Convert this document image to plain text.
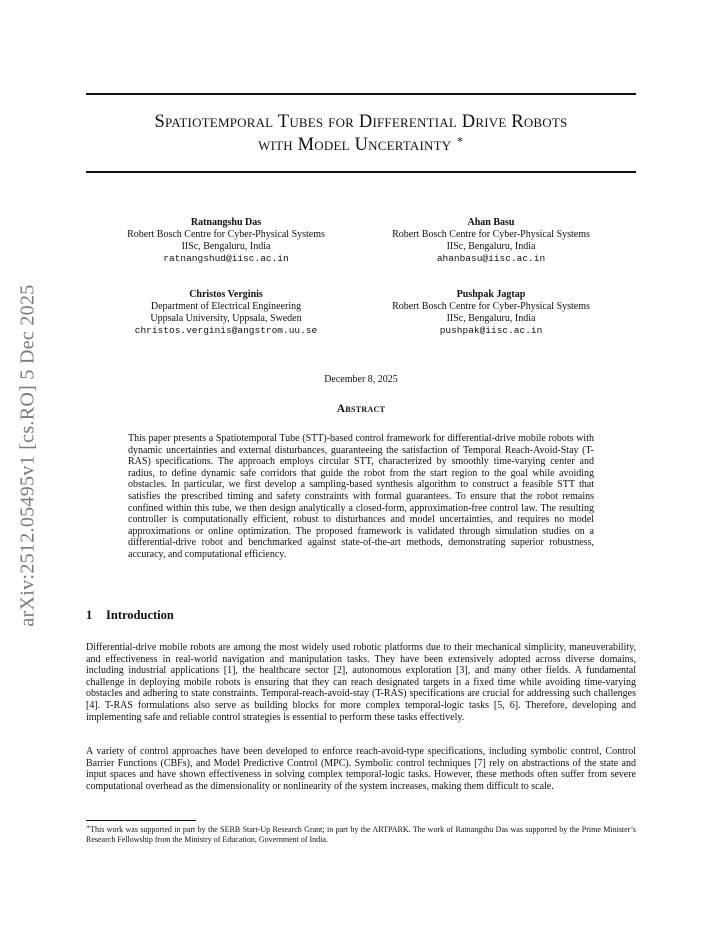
arXiv:2512.05495v1 [cs.RO] 5 Dec 2025
Spatiotemporal Tubes for Differential Drive Robots
with Model Uncertainty ∗
Ratnangshu Das
Robert Bosch Centre for Cyber-Physical Systems
IISc, Bengaluru, India
ratnangshud@iisc.ac.in
Ahan Basu
Robert Bosch Centre for Cyber-Physical Systems
IISc, Bengaluru, India
ahanbasu@iisc.ac.in
Christos Verginis
Department of Electrical Engineering
Uppsala University, Uppsala, Sweden
christos.verginis@angstrom.uu.se
Pushpak Jagtap
Robert Bosch Centre for Cyber-Physical Systems
IISc, Bengaluru, India
pushpak@iisc.ac.in
December 8, 2025
Abstract
This paper presents a Spatiotemporal Tube (STT)-based control framework for differential-drive mobile robots with dynamic uncertainties and external disturbances, guaranteeing the satisfaction of Temporal Reach-Avoid-Stay (T-RAS) specifications. The approach employs circular STT, characterized by smoothly time-varying center and radius, to define dynamic safe corridors that guide the robot from the start region to the goal while avoiding obstacles. In particular, we first develop a sampling-based synthesis algorithm to construct a feasible STT that satisfies the prescribed timing and safety constraints with formal guarantees. To ensure that the robot remains confined within this tube, we then design analytically a closed-form, approximation-free control law. The resulting controller is computationally efficient, robust to disturbances and model uncertainties, and requires no model approximations or online optimization. The proposed framework is validated through simulation studies on a differential-drive robot and benchmarked against state-of-the-art methods, demonstrating superior robustness, accuracy, and computational efficiency.
1 Introduction

Differential-drive mobile robots are among the most widely used robotic platforms due to their mechanical simplicity, maneuverability, and effectiveness in real-world navigation and manipulation tasks. They have been extensively adopted across diverse domains, including industrial applications [1], the healthcare sector [2], autonomous exploration [3], and many other fields. A fundamental challenge in deploying mobile robots is ensuring that they can reach designated targets in a fixed time while avoiding time-varying obstacles and adhering to state constraints. Temporal-reach-avoid-stay (T-RAS) specifications are crucial for addressing such challenges [4]. T-RAS formulations also serve as building blocks for more complex temporal-logic tasks [5, 6]. Therefore, developing and implementing safe and reliable control strategies is essential to perform these tasks effectively.

A variety of control approaches have been developed to enforce reach-avoid-type specifications, including symbolic control, Control Barrier Functions (CBFs), and Model Predictive Control (MPC). Symbolic control techniques [7] rely on abstractions of the state and input spaces and have shown effectiveness in solving complex temporal-logic tasks. However, these methods often suffer from severe computational overhead as the dimensionality or nonlinearity of the system increases, making them difficult to scale.

∗This work was supported in part by the SERB Start-Up Research Grant; in part by the ARTPARK. The work of Ratnangshu Das was supported by the Prime Minister’s Research Fellowship from the Ministry of Education, Government of India.
